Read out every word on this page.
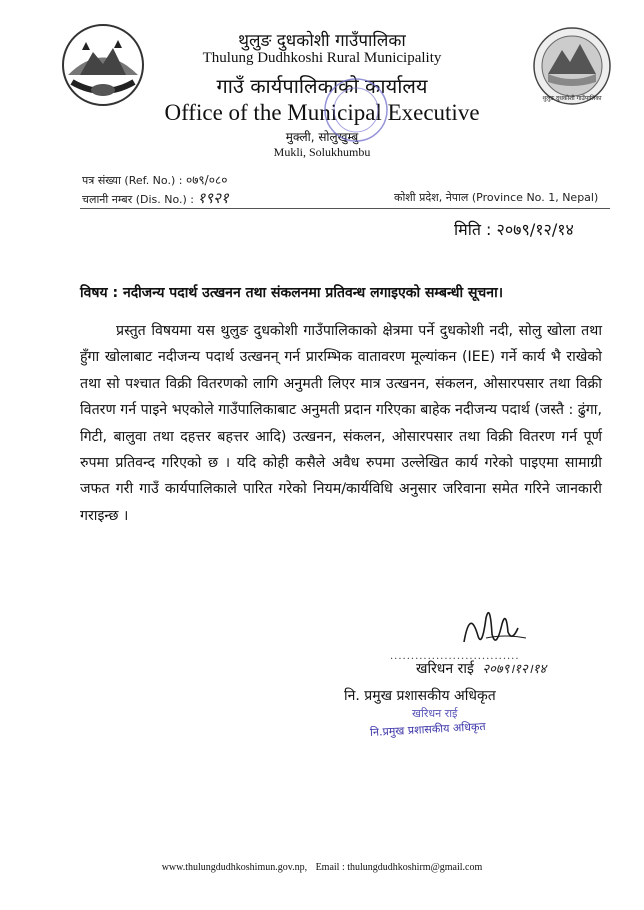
थुलुङ दुधकोशी गाउँपालिका
थुलुङ दुधकोशी गाउँपालिका
Thulung Dudhkoshi Rural Municipality
गाउँ कार्यपालिकाको कार्यालय
Office of the Municipal Executive
मुक्ली, सोलुखुम्बु
Mukli, Solukhumbu
पत्र संख्या (Ref. No.) : ०७९/०८०
चलानी नम्बर (Dis. No.) : १९२१	कोशी प्रदेश, नेपाल (Province No. 1, Nepal)
मिति : २०७९/१२/१४
विषय : नदीजन्य पदार्थ उत्खनन तथा संकलनमा प्रतिवन्ध लगाइएको सम्बन्धी सूचना।
प्रस्तुत विषयमा यस थुलुङ दुधकोशी गाउँपालिकाको क्षेत्रमा पर्ने दुधकोशी नदी, सोलु खोला तथा हुँगा खोलाबाट नदीजन्य पदार्थ उत्खनन् गर्न प्रारम्भिक वातावरण मूल्यांकन (IEE) गर्ने कार्य भै राखेको तथा सो पश्चात विक्री वितरणको लागि अनुमती लिएर मात्र उत्खनन, संकलन, ओसारपसार तथा विक्री वितरण गर्न पाइने भएकोले गाउँपालिकाबाट अनुमती प्रदान गरिएका बाहेक नदीजन्य पदार्थ (जस्तै : ढुंगा, गिटी, बालुवा तथा दहत्तर बहत्तर आदि) उत्खनन, संकलन, ओसारपसार तथा विक्री वितरण गर्न पूर्ण रुपमा प्रतिवन्द गरिएको छ । यदि कोही कसैले अवैध रुपमा उल्लेखित कार्य गरेको पाइएमा सामाग्री जफत गरी गाउँ कार्यपालिकाले पारित गरेको नियम/कार्यविधि अनुसार जरिवाना समेत गरिने जानकारी गराइन्छ ।
...............................
खरिधन राई २०७९।१२।१४
नि. प्रमुख प्रशासकीय अधिकृत
खरिधन राई
नि.प्रमुख प्रशासकीय अधिकृत
www.thulungdudhkoshimun.gov.np, Email : thulungdudhkoshirm@gmail.com
